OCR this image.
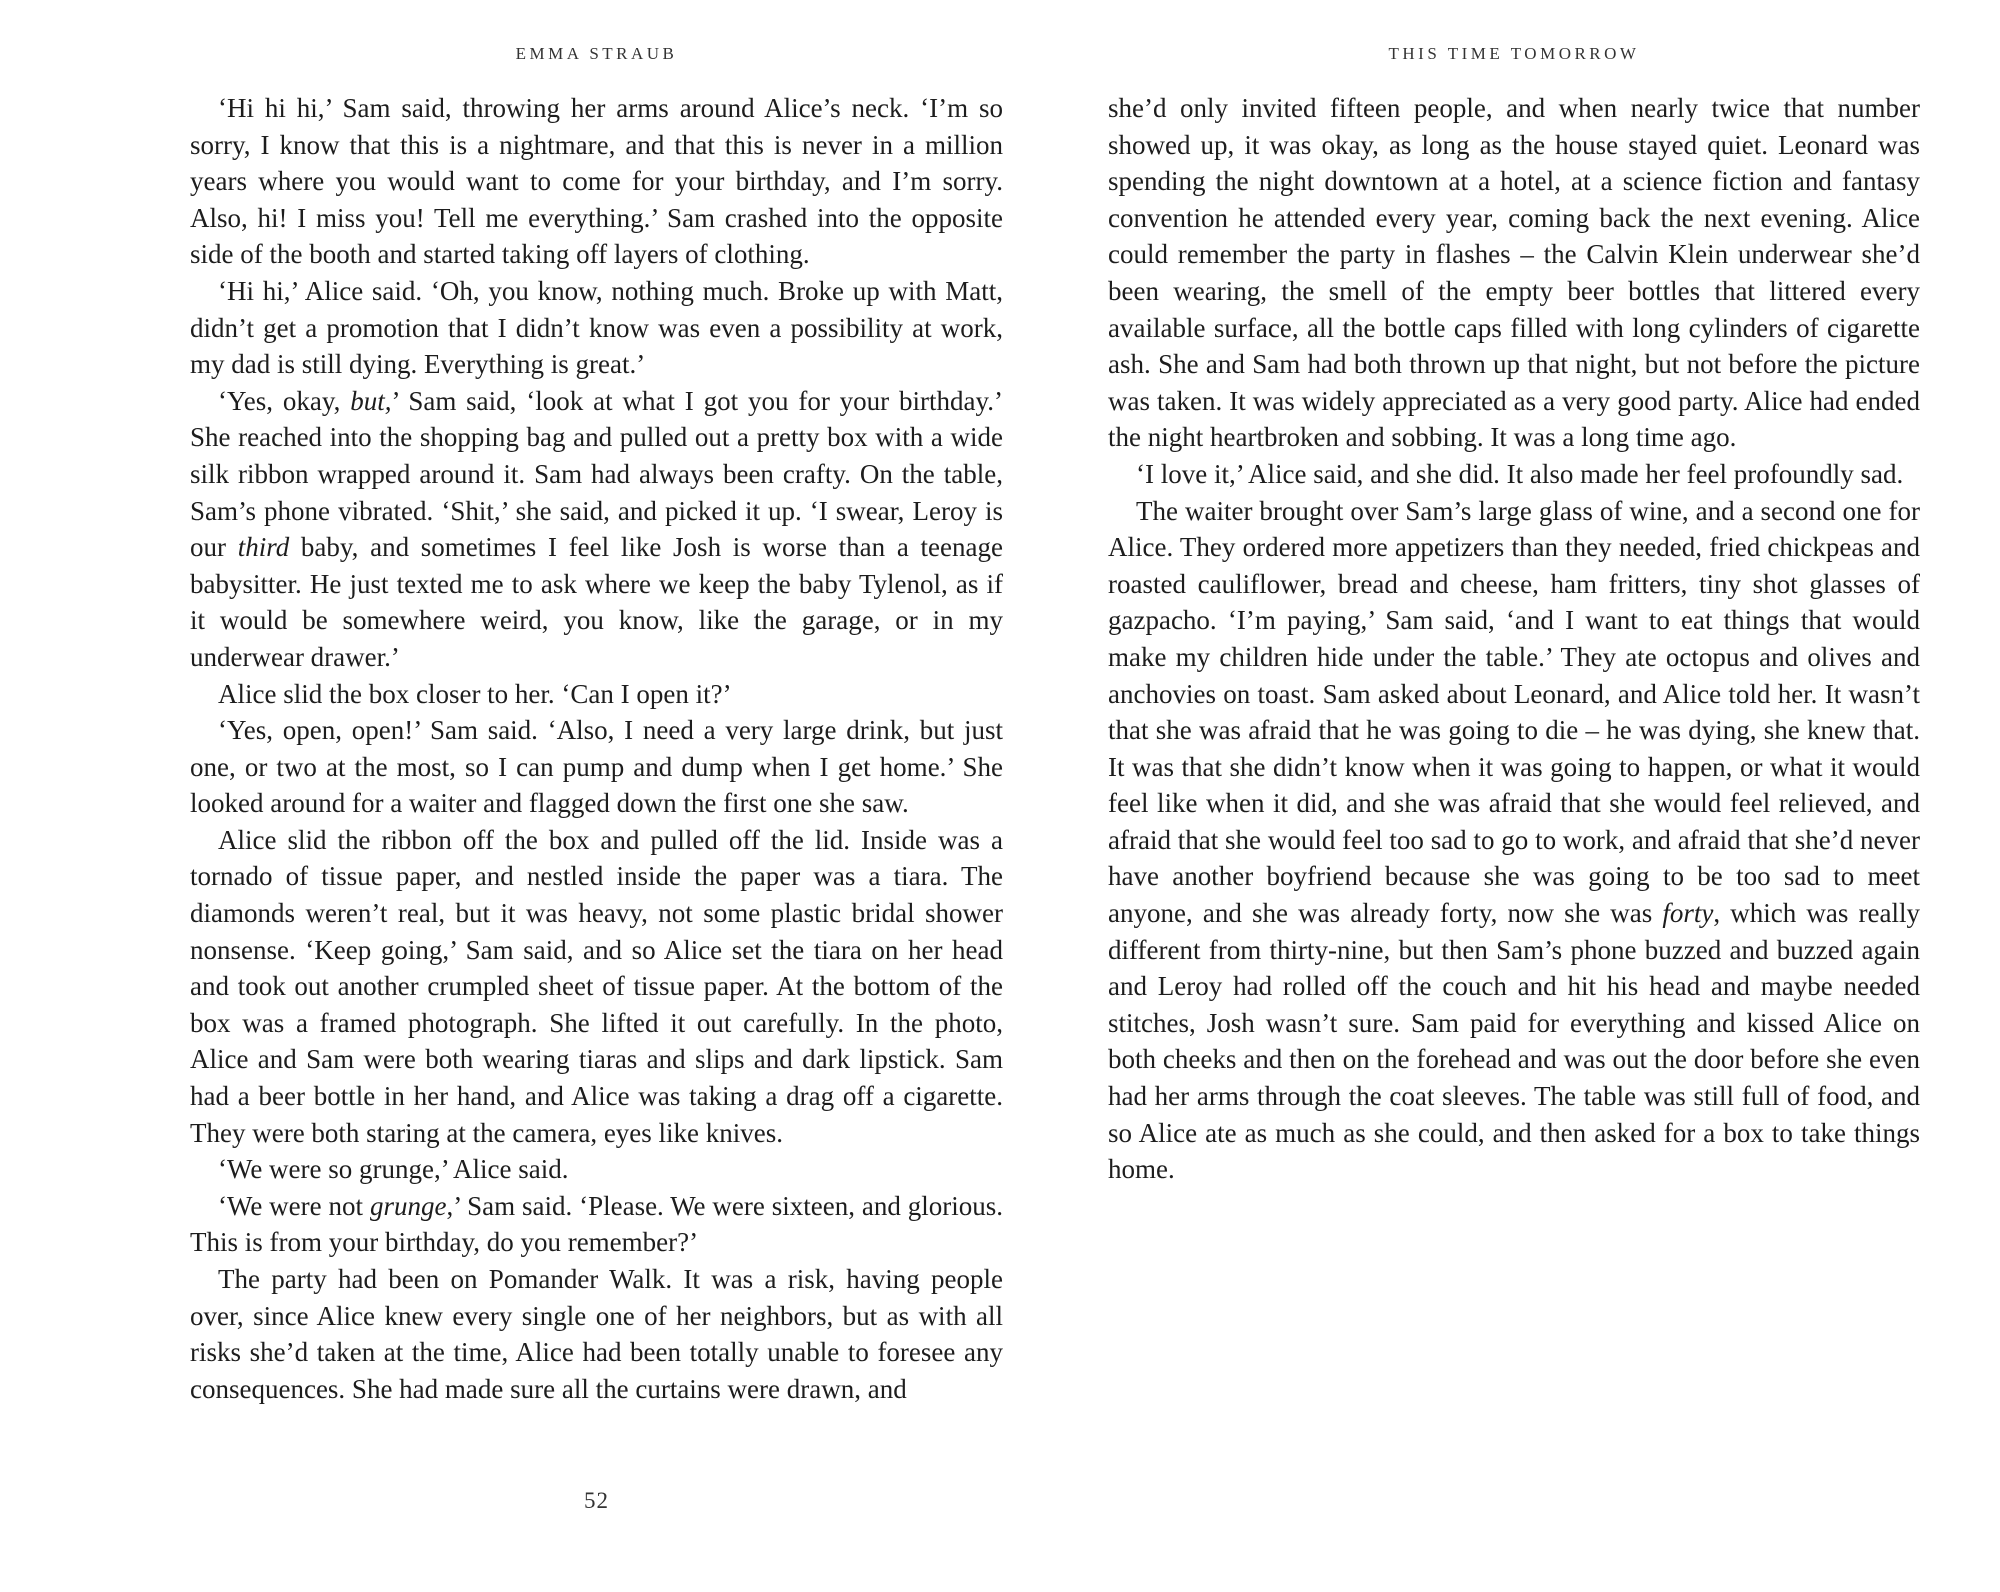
EMMA STRAUB

‘Hi hi hi,’ Sam said, throwing her arms around Alice’s neck. ‘I’m so sorry, I know that this is a nightmare, and that this is never in a million years where you would want to come for your birthday, and I’m sorry. Also, hi! I miss you! Tell me everything.’ Sam crashed into the opposite side of the booth and started taking off layers of clothing.

‘Hi hi,’ Alice said. ‘Oh, you know, nothing much. Broke up with Matt, didn’t get a promotion that I didn’t know was even a possibility at work, my dad is still dying. Everything is great.’

‘Yes, okay, but,’ Sam said, ‘look at what I got you for your birthday.’ She reached into the shopping bag and pulled out a pretty box with a wide silk ribbon wrapped around it. Sam had always been crafty. On the table, Sam’s phone vibrated. ‘Shit,’ she said, and picked it up. ‘I swear, Leroy is our third baby, and sometimes I feel like Josh is worse than a teenage babysitter. He just texted me to ask where we keep the baby Tylenol, as if it would be somewhere weird, you know, like the garage, or in my underwear drawer.’

Alice slid the box closer to her. ‘Can I open it?’

‘Yes, open, open!’ Sam said. ‘Also, I need a very large drink, but just one, or two at the most, so I can pump and dump when I get home.’ She looked around for a waiter and flagged down the first one she saw.

Alice slid the ribbon off the box and pulled off the lid. Inside was a tornado of tissue paper, and nestled inside the paper was a tiara. The diamonds weren’t real, but it was heavy, not some plastic bridal shower nonsense. ‘Keep going,’ Sam said, and so Alice set the tiara on her head and took out another crumpled sheet of tissue paper. At the bottom of the box was a framed photograph. She lifted it out carefully. In the photo, Alice and Sam were both wearing tiaras and slips and dark lipstick. Sam had a beer bottle in her hand, and Alice was taking a drag off a cigarette. They were both staring at the camera, eyes like knives.

‘We were so grunge,’ Alice said.

‘We were not grunge,’ Sam said. ‘Please. We were sixteen, and glorious. This is from your birthday, do you remember?’

The party had been on Pomander Walk. It was a risk, having people over, since Alice knew every single one of her neighbors, but as with all risks she’d taken at the time, Alice had been totally unable to foresee any consequences. She had made sure all the curtains were drawn, and

52
THIS TIME TOMORROW

she’d only invited fifteen people, and when nearly twice that number showed up, it was okay, as long as the house stayed quiet. Leonard was spending the night downtown at a hotel, at a science fiction and fantasy convention he attended every year, coming back the next evening. Alice could remember the party in flashes – the Calvin Klein underwear she’d been wearing, the smell of the empty beer bottles that littered every available surface, all the bottle caps filled with long cylinders of cigarette ash. She and Sam had both thrown up that night, but not before the picture was taken. It was widely appreciated as a very good party. Alice had ended the night heartbroken and sobbing. It was a long time ago.

‘I love it,’ Alice said, and she did. It also made her feel profoundly sad.

The waiter brought over Sam’s large glass of wine, and a second one for Alice. They ordered more appetizers than they needed, fried chickpeas and roasted cauliflower, bread and cheese, ham fritters, tiny shot glasses of gazpacho. ‘I’m paying,’ Sam said, ‘and I want to eat things that would make my children hide under the table.’ They ate octopus and olives and anchovies on toast. Sam asked about Leonard, and Alice told her. It wasn’t that she was afraid that he was going to die – he was dying, she knew that. It was that she didn’t know when it was going to happen, or what it would feel like when it did, and she was afraid that she would feel relieved, and afraid that she would feel too sad to go to work, and afraid that she’d never have another boyfriend because she was going to be too sad to meet anyone, and she was already forty, now she was forty, which was really different from thirty-nine, but then Sam’s phone buzzed and buzzed again and Leroy had rolled off the couch and hit his head and maybe needed stitches, Josh wasn’t sure. Sam paid for everything and kissed Alice on both cheeks and then on the forehead and was out the door before she even had her arms through the coat sleeves. The table was still full of food, and so Alice ate as much as she could, and then asked for a box to take things home.
